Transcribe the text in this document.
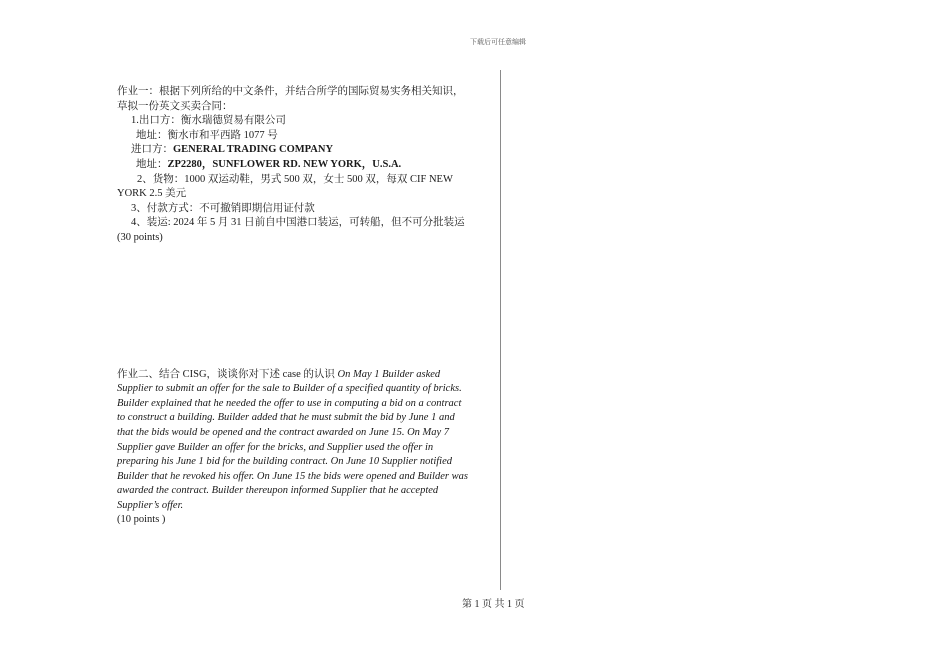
下载后可任意编辑
作业一：根据下列所给的中文条件，并结合所学的国际贸易实务相关知识，
草拟一份英文买卖合同：
1.出口方：衡水瑞德贸易有限公司
地址：衡水市和平西路 1077 号
进口方：GENERAL TRADING COMPANY
地址：ZP2280，SUNFLOWER RD. NEW YORK，U.S.A.
2、货物：1000 双运动鞋，男式 500 双，女士 500 双，每双 CIF NEW
YORK 2.5 美元
3、付款方式：不可撤销即期信用证付款
4、装运: 2024 年 5 月 31 日前自中国港口装运，可转船，但不可分批装运
(30 points)
作业二、结合 CISG，谈谈你对下述 case 的认识 On May 1 Builder asked
Supplier to submit an offer for the sale to Builder of a specified quantity of bricks.
Builder explained that he needed the offer to use in computing a bid on a contract
to construct a building. Builder added that he must submit the bid by June 1 and
that the bids would be opened and the contract awarded on June 15. On May 7
Supplier gave Builder an offer for the bricks, and Supplier used the offer in
preparing his June 1 bid for the building contract. On June 10 Supplier notified
Builder that he revoked his offer. On June 15 the bids were opened and Builder was
awarded the contract. Builder thereupon informed Supplier that he accepted
Supplier’s offer.
(10 points )
第 1 页 共 1 页
